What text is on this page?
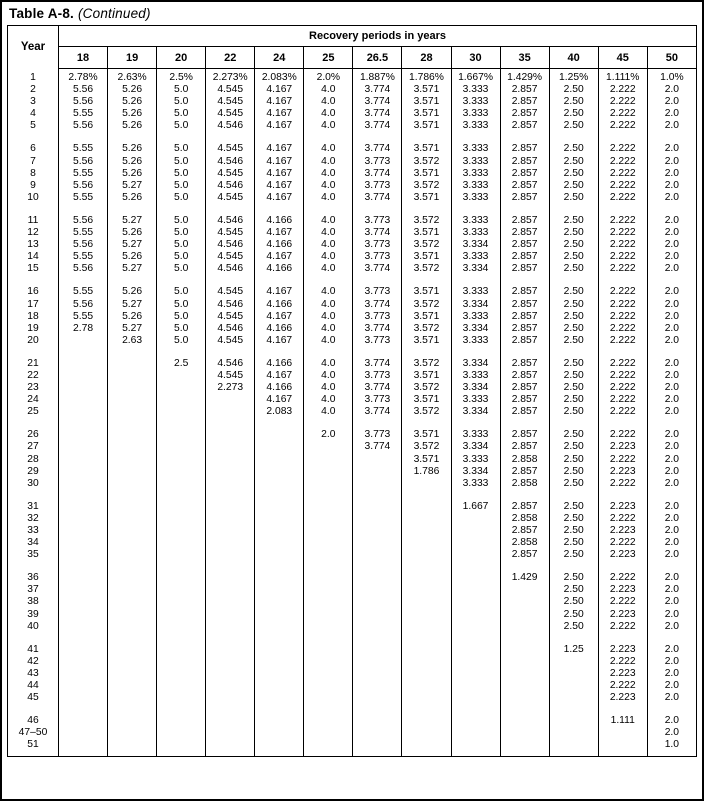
Table A-8. (Continued)
Year	Recovery periods in years												
	18	19	20	22	24	25	26.5	28	30	35	40	45	50
1	2.78%	2.63%	2.5%	2.273%	2.083%	2.0%	1.887%	1.786%	1.667%	1.429%	1.25%	1.111%	1.0%
2	5.56	5.26	5.0	4.545	4.167	4.0	3.774	3.571	3.333	2.857	2.50	2.222	2.0
3	5.56	5.26	5.0	4.545	4.167	4.0	3.774	3.571	3.333	2.857	2.50	2.222	2.0
4	5.55	5.26	5.0	4.545	4.167	4.0	3.774	3.571	3.333	2.857	2.50	2.222	2.0
5	5.56	5.26	5.0	4.546	4.167	4.0	3.774	3.571	3.333	2.857	2.50	2.222	2.0
6	5.55	5.26	5.0	4.545	4.167	4.0	3.774	3.571	3.333	2.857	2.50	2.222	2.0
7	5.56	5.26	5.0	4.546	4.167	4.0	3.773	3.572	3.333	2.857	2.50	2.222	2.0
8	5.55	5.26	5.0	4.545	4.167	4.0	3.774	3.571	3.333	2.857	2.50	2.222	2.0
9	5.56	5.27	5.0	4.546	4.167	4.0	3.773	3.572	3.333	2.857	2.50	2.222	2.0
10	5.55	5.26	5.0	4.545	4.167	4.0	3.774	3.571	3.333	2.857	2.50	2.222	2.0
11	5.56	5.27	5.0	4.546	4.166	4.0	3.773	3.572	3.333	2.857	2.50	2.222	2.0
12	5.55	5.26	5.0	4.545	4.167	4.0	3.774	3.571	3.333	2.857	2.50	2.222	2.0
13	5.56	5.27	5.0	4.546	4.166	4.0	3.773	3.572	3.334	2.857	2.50	2.222	2.0
14	5.55	5.26	5.0	4.545	4.167	4.0	3.773	3.571	3.333	2.857	2.50	2.222	2.0
15	5.56	5.27	5.0	4.546	4.166	4.0	3.774	3.572	3.334	2.857	2.50	2.222	2.0
16	5.55	5.26	5.0	4.545	4.167	4.0	3.773	3.571	3.333	2.857	2.50	2.222	2.0
17	5.56	5.27	5.0	4.546	4.166	4.0	3.774	3.572	3.334	2.857	2.50	2.222	2.0
18	5.55	5.26	5.0	4.545	4.167	4.0	3.773	3.571	3.333	2.857	2.50	2.222	2.0
19	2.78	5.27	5.0	4.546	4.166	4.0	3.774	3.572	3.334	2.857	2.50	2.222	2.0
20		2.63	5.0	4.545	4.167	4.0	3.773	3.571	3.333	2.857	2.50	2.222	2.0
21			2.5	4.546	4.166	4.0	3.774	3.572	3.334	2.857	2.50	2.222	2.0
22				4.545	4.167	4.0	3.773	3.571	3.333	2.857	2.50	2.222	2.0
23				2.273	4.166	4.0	3.774	3.572	3.334	2.857	2.50	2.222	2.0
24					4.167	4.0	3.773	3.571	3.333	2.857	2.50	2.222	2.0
25					2.083	4.0	3.774	3.572	3.334	2.857	2.50	2.222	2.0
26						2.0	3.773	3.571	3.333	2.857	2.50	2.222	2.0
27							3.774	3.572	3.334	2.857	2.50	2.223	2.0
28								3.571	3.333	2.858	2.50	2.222	2.0
29								1.786	3.334	2.857	2.50	2.223	2.0
30									3.333	2.858	2.50	2.222	2.0
31									1.667	2.857	2.50	2.223	2.0
32										2.858	2.50	2.222	2.0
33										2.857	2.50	2.223	2.0
34										2.858	2.50	2.222	2.0
35										2.857	2.50	2.223	2.0
36										1.429	2.50	2.222	2.0
37											2.50	2.223	2.0
38											2.50	2.222	2.0
39											2.50	2.223	2.0
40											2.50	2.222	2.0
41											1.25	2.223	2.0
42												2.222	2.0
43												2.223	2.0
44												2.222	2.0
45												2.223	2.0
46												1.111	2.0
47–50													2.0
51													1.0
